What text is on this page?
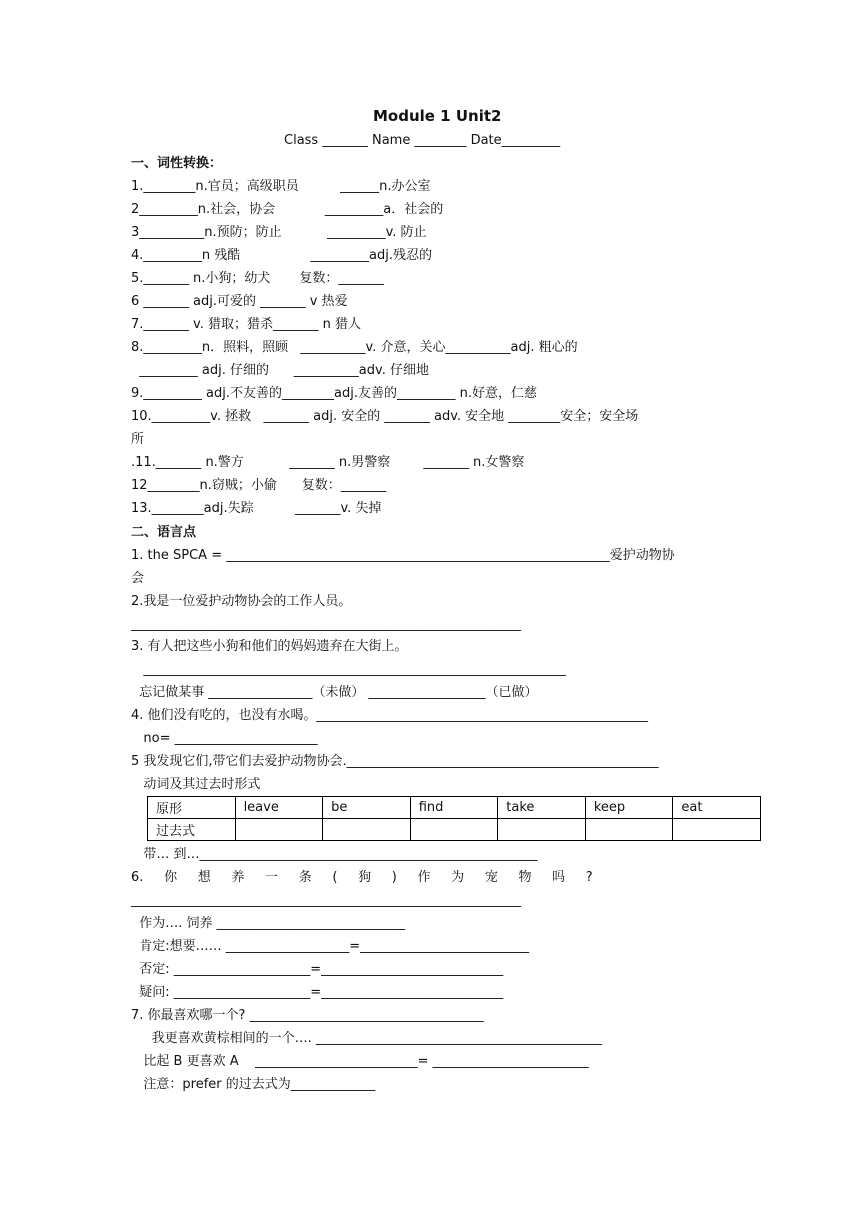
Module 1 Unit2
Class _______ Name ________ Date_________
一、词性转换：
1.________n.官员；高级职员          ______n.办公室
2_________n.社会，协会            _________a．社会的
3__________n.预防；防止           _________v. 防止
4._________n 残酷                 _________adj.残忍的
5._______ n.小狗；幼犬       复数：_______
6 _______ adj.可爱的 _______ v 热爱
7._______ v. 猎取；猎杀_______ n 猎人
8._________n．照料，照顾   __________v. 介意，关心__________adj. 粗心的
_________ adj. 仔细的      __________adv. 仔细地
9._________ adj.不友善的________adj.友善的_________ n.好意，仁慈
10._________v. 拯救   _______ adj. 安全的 _______ adv. 安全地 ________安全；安全场
所
.11._______ n.警方           _______ n.男警察        _______ n.女警察
12________n.窃贼；小偷      复数：_______
13.________adj.失踪          _______v. 失掉
二、语言点
1. the SPCA = ___________________________________________________________爱护动物协
会
2.我是一位爱护动物协会的工作人员。
____________________________________________________________
3. 有人把这些小狗和他们的妈妈遗弃在大街上。
_________________________________________________________________
忘记做某事 ________________（未做） __________________（已做）
4. 他们没有吃的，也没有水喝。___________________________________________________
no= ______________________
5 我发现它们,带它们去爱护动物协会.________________________________________________
动词及其过去时形式
原形	leave	be	find	take	keep	eat
过去式						
带… 到…____________________________________________________
6.     你     想     养     一     条     (     狗     )     作     为     宠     物     吗     ?
____________________________________________________________
作为…. 饲养 _____________________________
肯定:想要…… ___________________=__________________________
否定: _____________________=____________________________
疑问: _____________________=____________________________
7. 你最喜欢哪一个? ____________________________________
我更喜欢黄棕相间的一个…. ____________________________________________
比起 B 更喜欢 A    _________________________= ________________________
注意：prefer 的过去式为_____________
